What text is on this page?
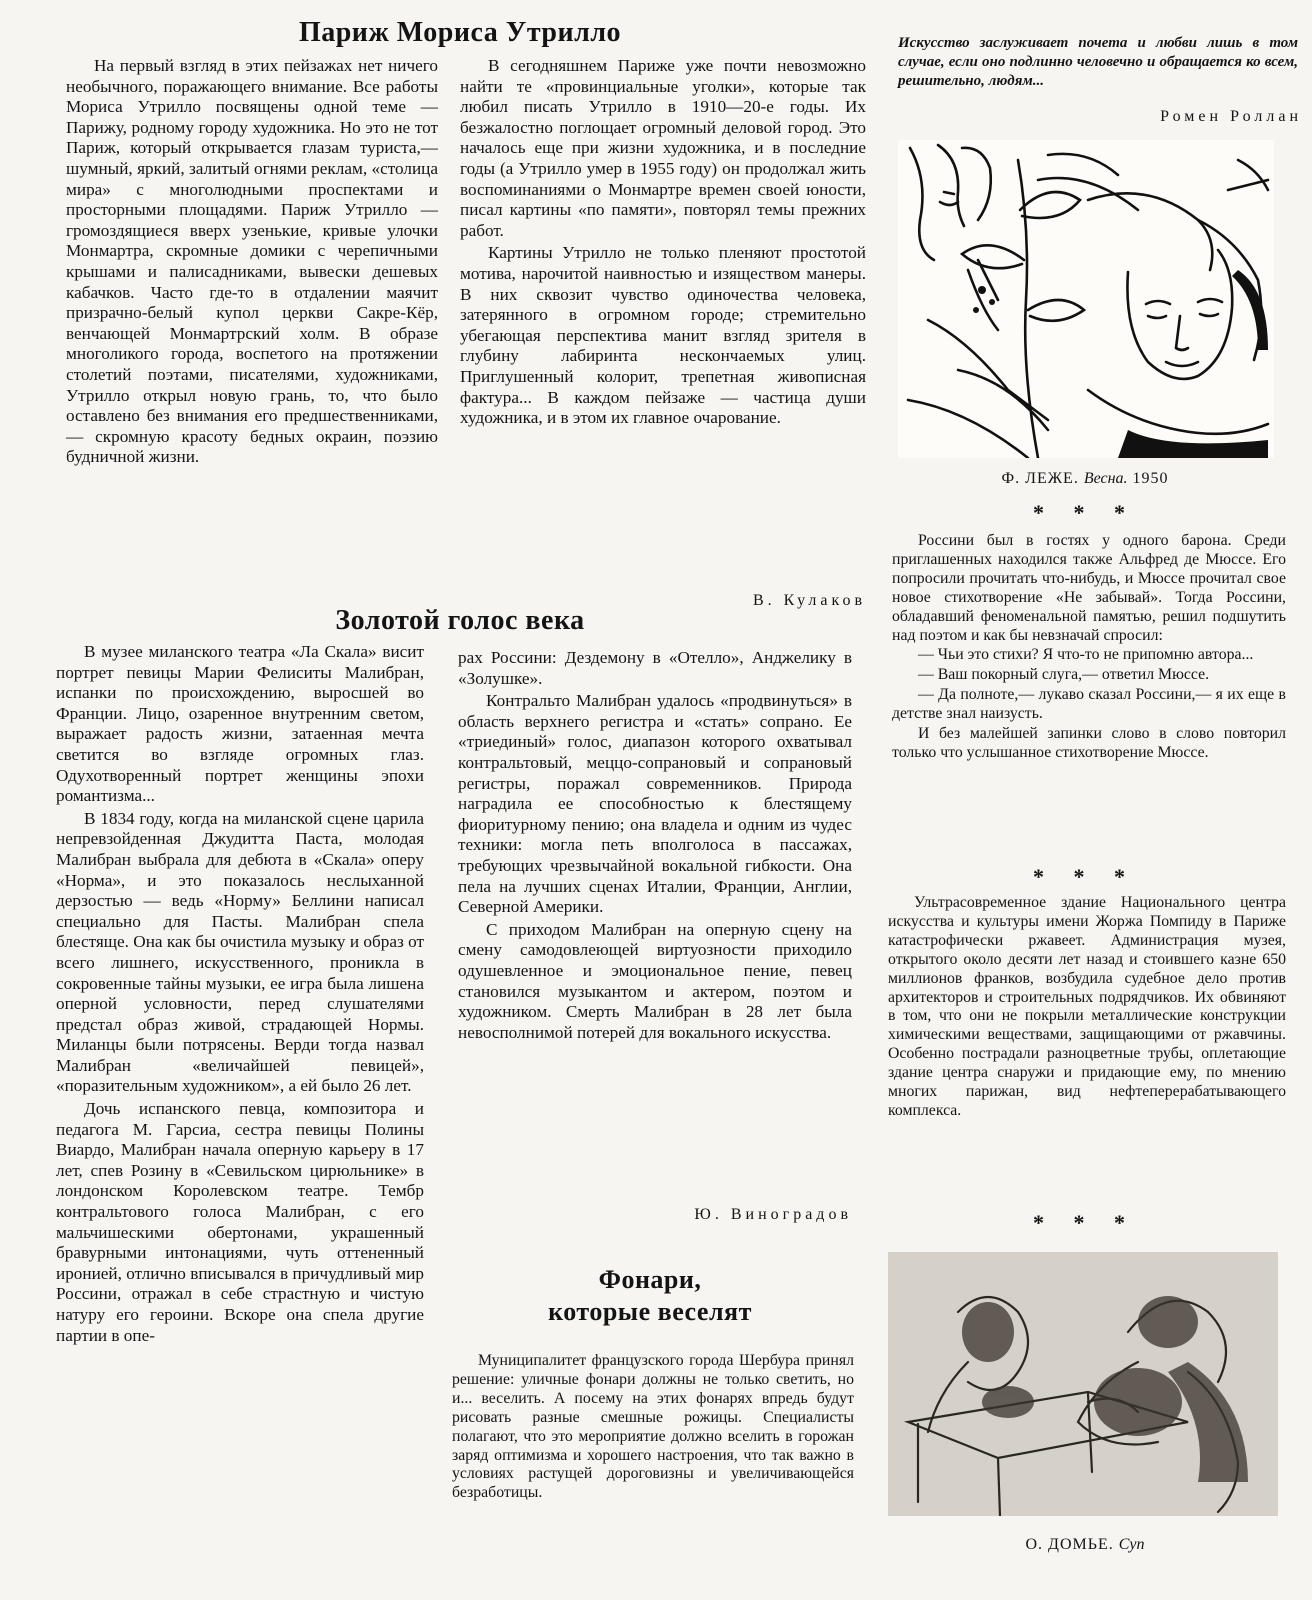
Париж Мориса Утрилло

На первый взгляд в этих пейзажах нет ничего необычного, поражающего внимание. Все работы Мориса Утрилло посвящены одной теме — Парижу, родному городу художника. Но это не тот Париж, который открывается глазам туриста,— шумный, яркий, залитый огнями реклам, «столица мира» с многолюдными проспектами и просторными площадями. Париж Утрилло — громоздящиеся вверх узенькие, кривые улочки Монмартра, скромные домики с черепичными крышами и палисадниками, вывески дешевых кабачков. Часто где-то в отдалении маячит призрачно-белый купол церкви Сакре-Кёр, венчающей Монмартрский холм. В образе многоликого города, воспетого на протяжении столетий поэтами, писателями, художниками, Утрилло открыл новую грань, то, что было оставлено без внимания его предшественниками,— скромную красоту бедных окраин, поэзию будничной жизни.

В сегодняшнем Париже уже почти невозможно найти те «провинциальные уголки», которые так любил писать Утрилло в 1910—20-е годы. Их безжалостно поглощает огромный деловой город. Это началось еще при жизни художника, и в последние годы (а Утрилло умер в 1955 году) он продолжал жить воспоминаниями о Монмартре времен своей юности, писал картины «по памяти», повторял темы прежних работ.

Картины Утрилло не только пленяют простотой мотива, нарочитой наивностью и изяществом манеры. В них сквозит чувство одиночества человека, затерянного в огромном городе; стремительно убегающая перспектива манит взгляд зрителя в глубину лабиринта нескончаемых улиц. Приглушенный колорит, трепетная живописная фактура... В каждом пейзаже — частица души художника, и в этом их главное очарование.

В. Кулаков
Золотой голос века

В музее миланского театра «Ла Скала» висит портрет певицы Марии Фелиситы Малибран, испанки по происхождению, выросшей во Франции. Лицо, озаренное внутренним светом, выражает радость жизни, затаенная мечта светится во взгляде огромных глаз. Одухотворенный портрет женщины эпохи романтизма...

В 1834 году, когда на миланской сцене царила непревзойденная Джудитта Паста, молодая Малибран выбрала для дебюта в «Скала» оперу «Норма», и это показалось неслыханной дерзостью — ведь «Норму» Беллини написал специально для Пасты. Малибран спела блестяще. Она как бы очистила музыку и образ от всего лишнего, искусственного, проникла в сокровенные тайны музыки, ее игра была лишена оперной условности, перед слушателями предстал образ живой, страдающей Нормы. Миланцы были потрясены. Верди тогда назвал Малибран «величайшей певицей», «поразительным художником», а ей было 26 лет.

Дочь испанского певца, композитора и педагога М. Гарсиа, сестра певицы Полины Виардо, Малибран начала оперную карьеру в 17 лет, спев Розину в «Севильском цирюльнике» в лондонском Королевском театре. Тембр контральтового голоса Малибран, с его мальчишескими обертонами, украшенный бравурными интонациями, чуть оттененный иронией, отлично вписывался в причудливый мир Россини, отражал в себе страстную и чистую натуру его героини. Вскоре она спела другие партии в опе-

рах Россини: Дездемону в «Отелло», Анджелику в «Золушке».

Контральто Малибран удалось «продвинуться» в область верхнего регистра и «стать» сопрано. Ее «триединый» голос, диапазон которого охватывал контральтовый, меццо-сопрановый и сопрановый регистры, поражал современников. Природа наградила ее способностью к блестящему фиоритурному пению; она владела и одним из чудес техники: могла петь вполголоса в пассажах, требующих чрезвычайной вокальной гибкости. Она пела на лучших сценах Италии, Франции, Англии, Северной Америки.

С приходом Малибран на оперную сцену на смену самодовлеющей виртуозности приходило одушевленное и эмоциональное пение, певец становился музыкантом и актером, поэтом и художником. Смерть Малибран в 28 лет была невосполнимой потерей для вокального искусства.

Ю. Виноградов
Фонари,
которые веселят

Муниципалитет французского города Шербура принял решение: уличные фонари должны не только светить, но и... веселить. А посему на этих фонарях впредь будут рисовать разные смешные рожицы. Специалисты полагают, что это мероприятие должно вселить в горожан заряд оптимизма и хорошего настроения, что так важно в условиях растущей дороговизны и увеличивающейся безработицы.

Искусство заслуживает почета и любви лишь в том случае, если оно подлинно человечно и обращается ко всем, решительно, людям...
Ромен Роллан
Ф. ЛЕЖЕ. Весна. 1950
* * *

Россини был в гостях у одного барона. Среди приглашенных находился также Альфред де Мюссе. Его попросили прочитать что-нибудь, и Мюссе прочитал свое новое стихотворение «Не забывай». Тогда Россини, обладавший феноменальной памятью, решил подшутить над поэтом и как бы невзначай спросил:

— Чьи это стихи? Я что-то не припомню автора...

— Ваш покорный слуга,— ответил Мюссе.

— Да полноте,— лукаво сказал Россини,— я их еще в детстве знал наизусть.

И без малейшей запинки слово в слово повторил только что услышанное стихотворение Мюссе.

* * *

Ультрасовременное здание Национального центра искусства и культуры имени Жоржа Помпиду в Париже катастрофически ржавеет. Администрация музея, открытого около десяти лет назад и стоившего казне 650 миллионов франков, возбудила судебное дело против архитекторов и строительных подрядчиков. Их обвиняют в том, что они не покрыли металлические конструкции химическими веществами, защищающими от ржавчины. Особенно пострадали разноцветные трубы, оплетающие здание центра снаружи и придающие ему, по мнению многих парижан, вид нефтеперерабатывающего комплекса.

* * *
О. ДОМЬЕ. Суп
